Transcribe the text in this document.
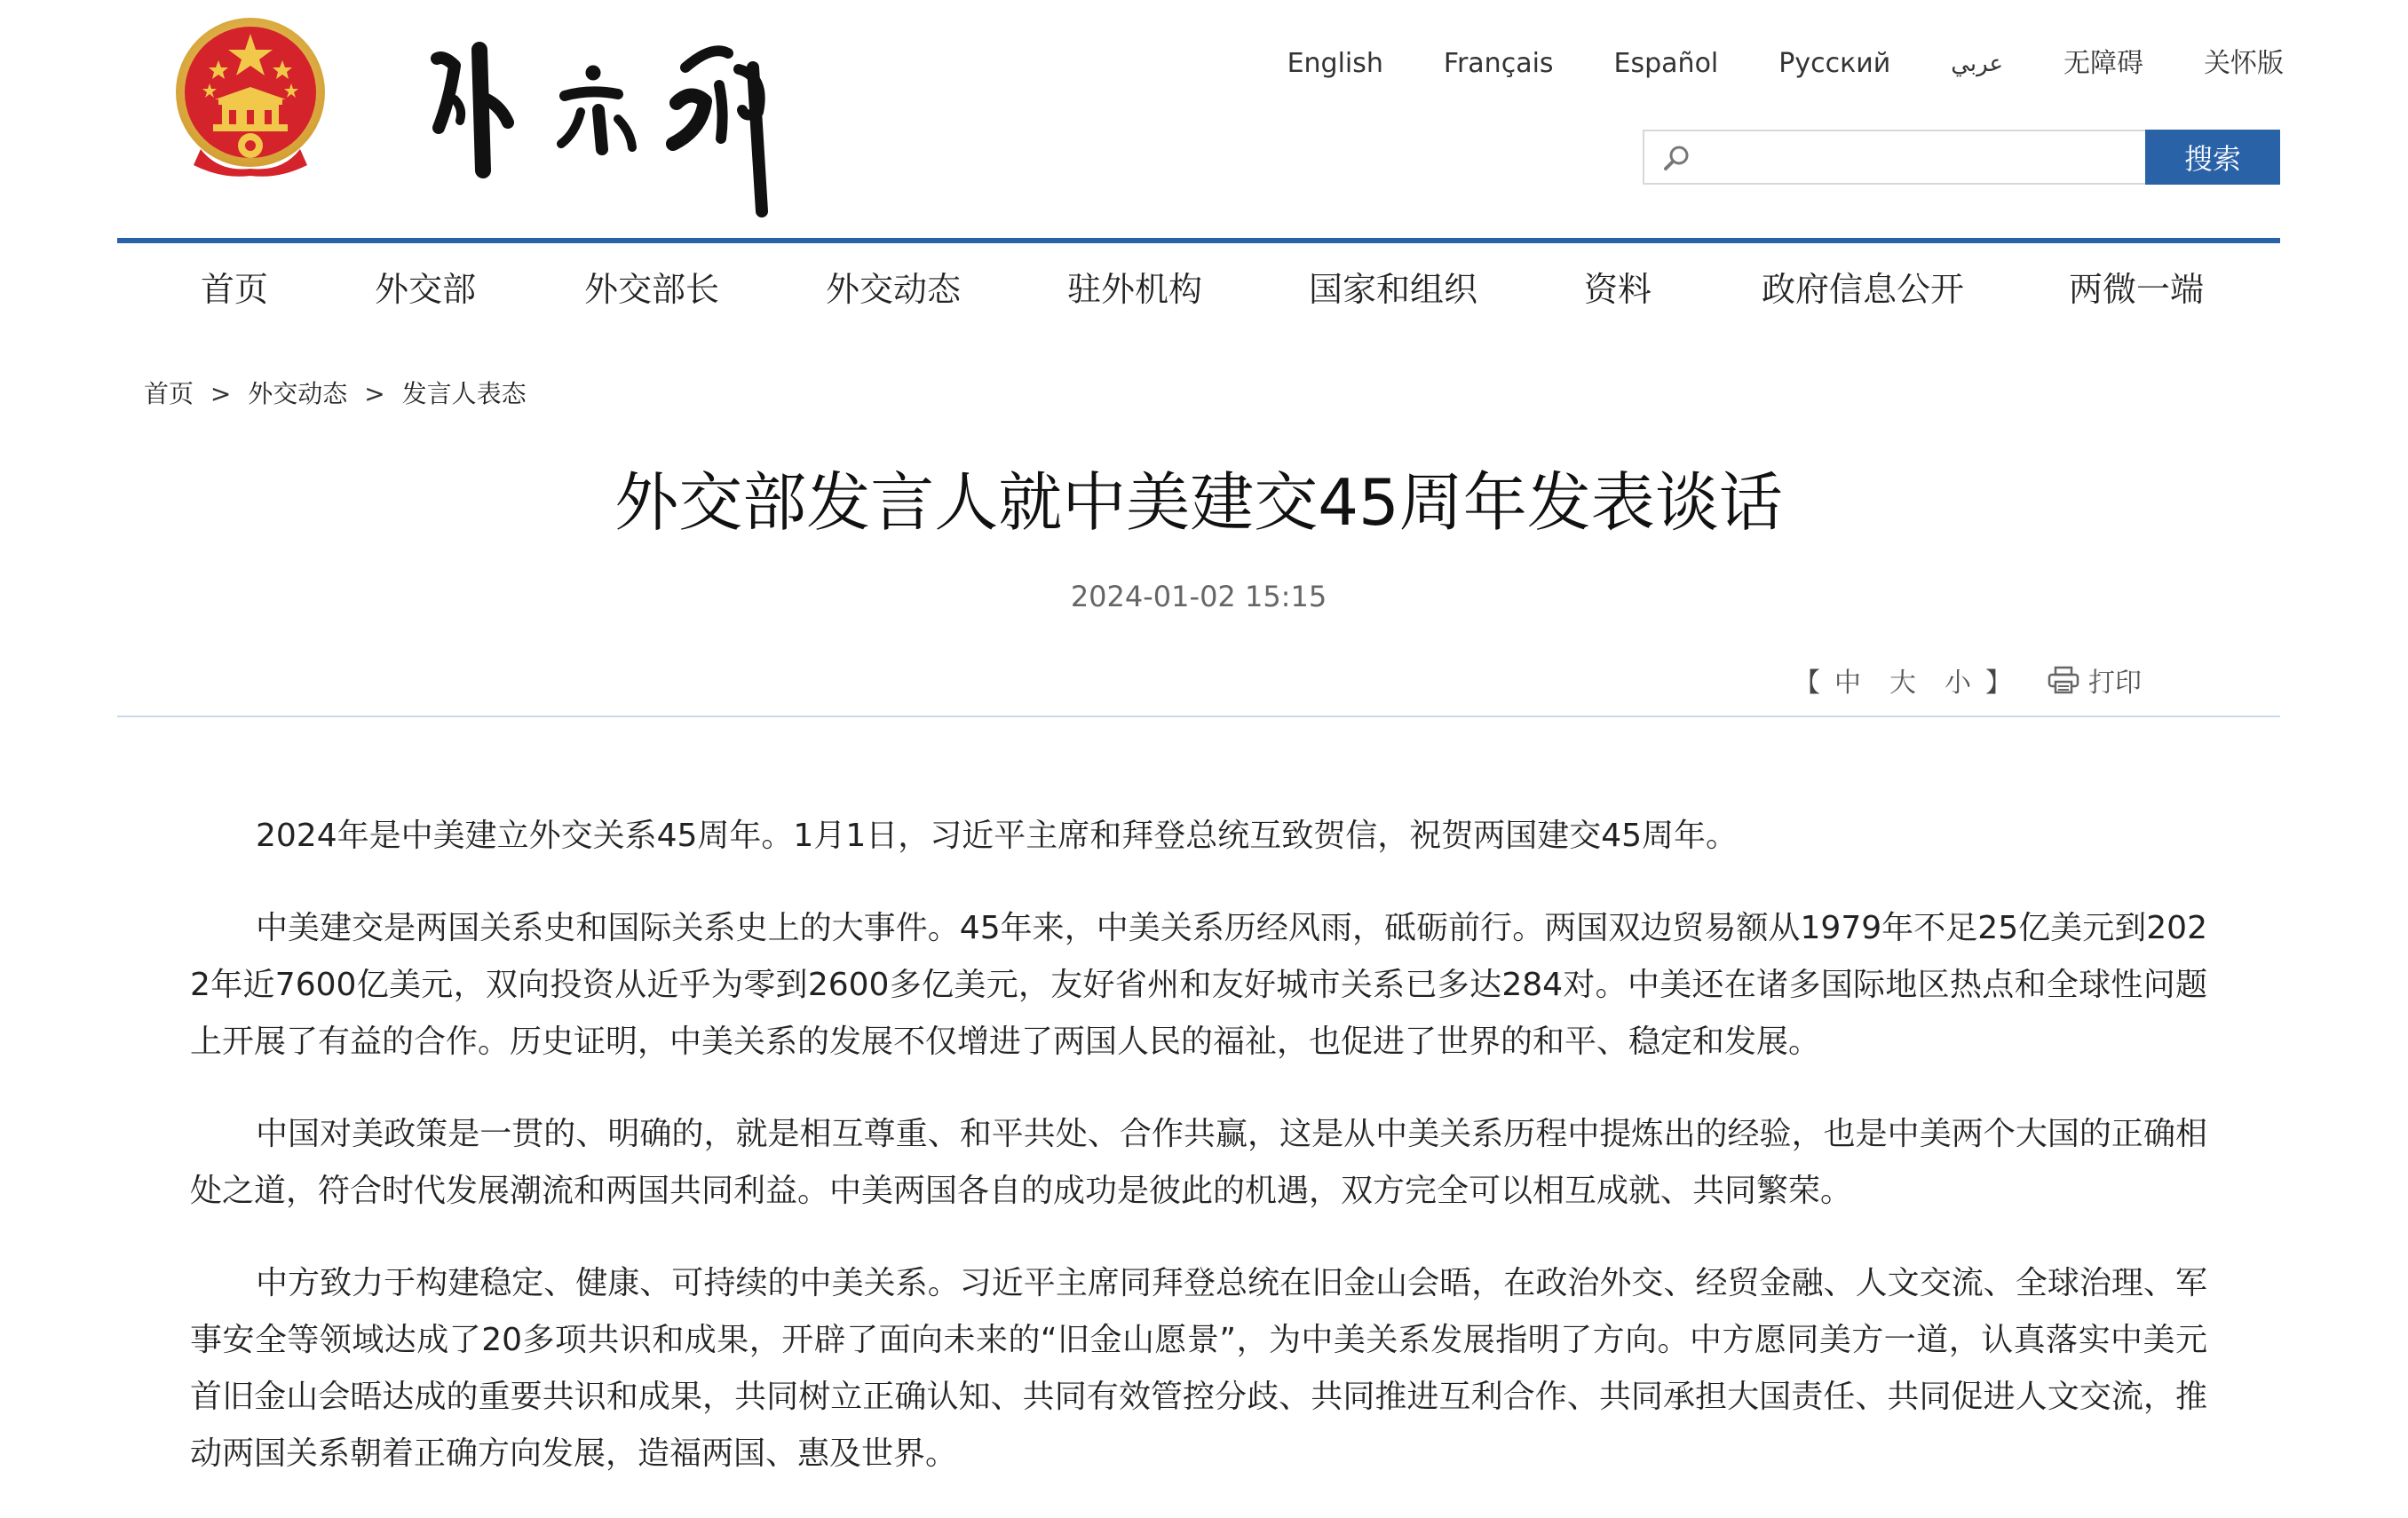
English Français Español Русский	عربي 无障碍 关怀版
搜索
首页	外交部	外交部长	外交动态	驻外机构	国家和组织	资料	政府信息公开	两微一端
首页 > 外交动态 > 发言人表态
外交部发言人就中美建交45周年发表谈话
2024-01-02 15:15
【 中 大 小 】	打印

2024年是中美建立外交关系45周年。1月1日，习近平主席和拜登总统互致贺信，祝贺两国建交45周年。

中美建交是两国关系史和国际关系史上的大事件。45年来，中美关系历经风雨，砥砺前行。两国双边贸易额从1979年不足25亿美元到2022年近7600亿美元，双向投资从近乎为零到2600多亿美元，友好省州和友好城市关系已多达284对。中美还在诸多国际地区热点和全球性问题上开展了有益的合作。历史证明，中美关系的发展不仅增进了两国人民的福祉，也促进了世界的和平、稳定和发展。

中国对美政策是一贯的、明确的，就是相互尊重、和平共处、合作共赢，这是从中美关系历程中提炼出的经验，也是中美两个大国的正确相处之道，符合时代发展潮流和两国共同利益。中美两国各自的成功是彼此的机遇，双方完全可以相互成就、共同繁荣。

中方致力于构建稳定、健康、可持续的中美关系。习近平主席同拜登总统在旧金山会晤，在政治外交、经贸金融、人文交流、全球治理、军事安全等领域达成了20多项共识和成果，开辟了面向未来的“旧金山愿景”，为中美关系发展指明了方向。中方愿同美方一道，认真落实中美元首旧金山会晤达成的重要共识和成果，共同树立正确认知、共同有效管控分歧、共同推进互利合作、共同承担大国责任、共同促进人文交流，推动两国关系朝着正确方向发展，造福两国、惠及世界。
